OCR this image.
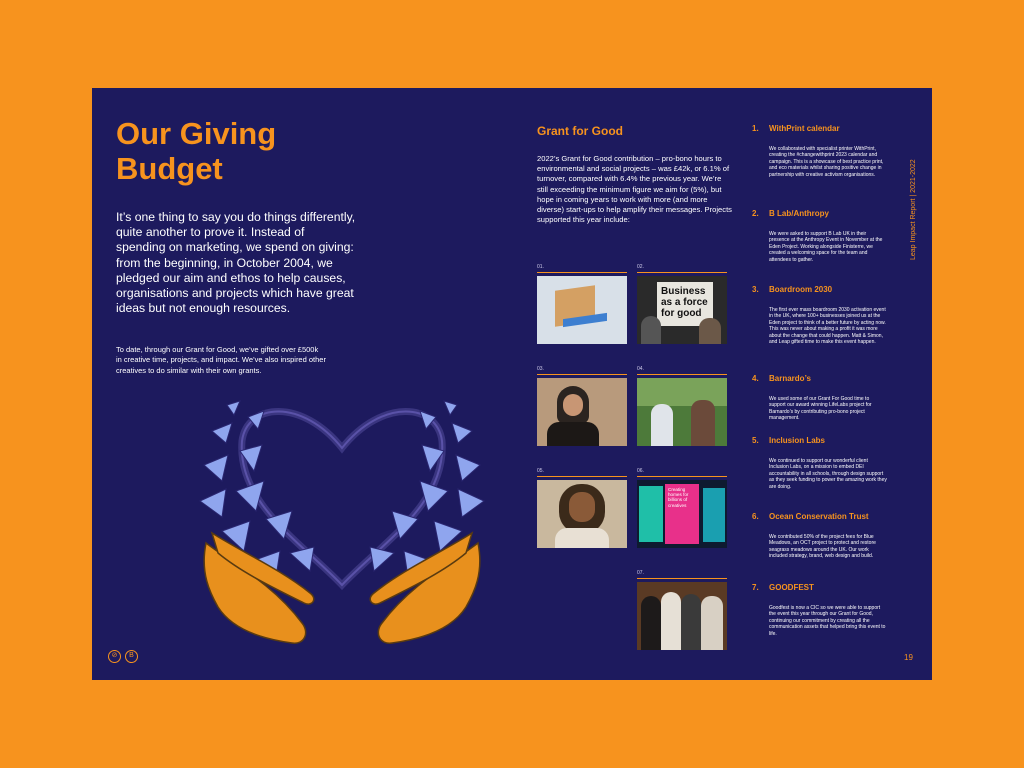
Our Giving
Budget

It’s one thing to say you do things differently, quite another to prove it. Instead of spending on marketing, we spend on giving: from the beginning, in October 2004, we pledged our aim and ethos to help causes, organisations and projects which have great ideas but not enough resources.

To date, through our Grant for Good, we’ve gifted over £500k in creative time, projects, and impact. We’ve also inspired other creatives to do similar with their own grants.

⊘	B
Grant for Good

2022’s Grant for Good contribution – pro-bono hours to environmental and social projects – was £42k, or 6.1% of turnover, compared with 6.4% the previous year. We’re still exceeding the minimum figure we aim for (5%), but hope in coming years to work with more (and more diverse) start-ups to help amplify their messages. Projects supported this year include:

01.	02.
Business as a force for good
03.	04.
05.	06.
Creating homes for billions of creatives
07.
1.	WithPrint calendar

We collaborated with specialist printer WithPrint, creating the #changewithprint 2023 calendar and campaign. This is a showcase of best practice print, and eco materials whilst sharing positive change in partnership with creative activism organisations.

2.	B Lab/Anthropy

We were asked to support B Lab UK in their presence at the Anthropy Event in November at the Eden Project. Working alongside Finisterre, we created a welcoming space for the team and attendees to gather.

3.	Boardroom 2030

The first ever mass boardroom 2030 activation event in the UK, where 100+ businesses joined us at the Eden project to think of a better future by acting now. This was never about making a profit it was more about the change that could happen. Matt & Simon, and Leap gifted time to make this event happen.

4.	Barnardo’s

We used some of our Grant For Good time to support our award winning LifeLabs project for Barnardo’s by contributing pro-bono project management.

5.	Inclusion Labs

We continued to support our wonderful client Inclusion Labs, on a mission to embed DEI accountability in all schools, through design support as they seek funding to power the amazing work they are doing.

6.	Ocean Conservation Trust

We contributed 50% of the project fees for Blue Meadows, an OCT project to protect and restore seagrass meadows around the UK. Our work included strategy, brand, web design and build.

7.	GOODFEST

Goodfest is now a CIC so we were able to support the event this year through our Grant for Good, continuing our commitment by creating all the communication assets that helped bring this event to life.

Leap Impact Report | 2021-2022
19
